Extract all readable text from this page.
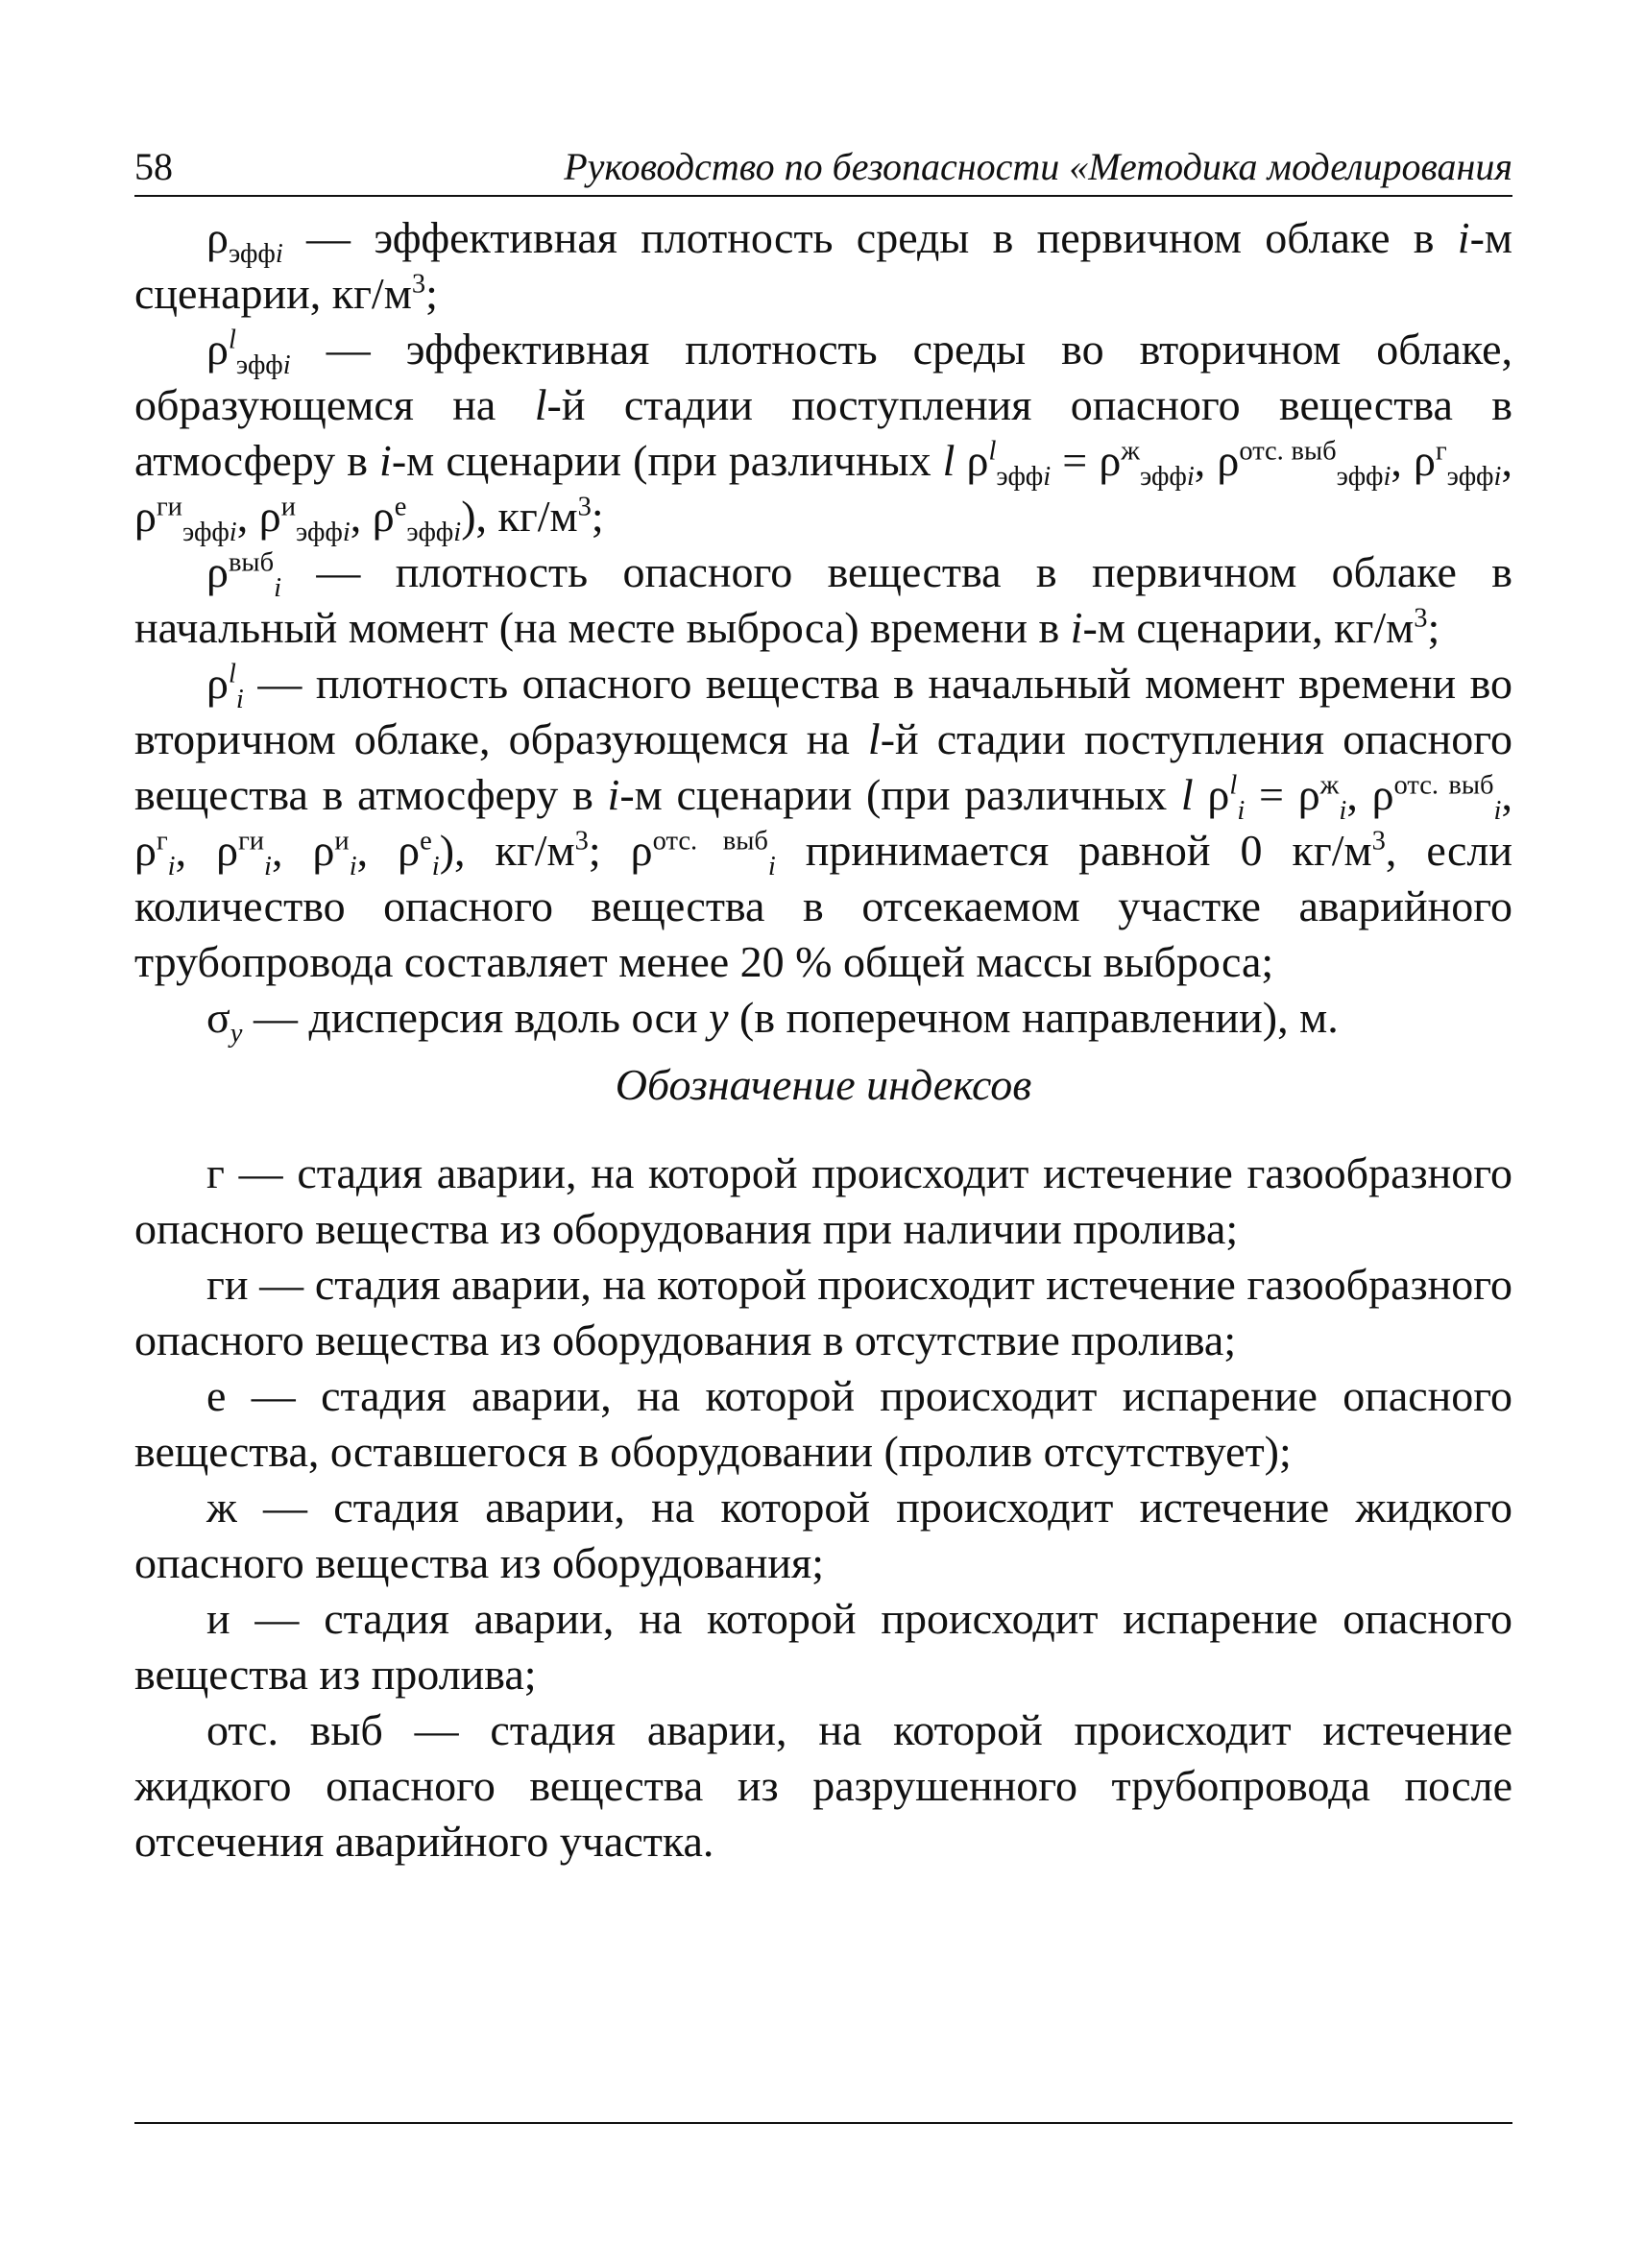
58	Руководство по безопасности «Методика моделирования

$\rho_{эффi}$ — эффективная плотность среды в первичном облаке в i-м сценарии, $кг/м^3$;

$\rho^l_{эффi}$ — эффективная плотность среды во вторичном облаке, образующемся на l-й стадии поступления опасного вещества в атмосферу в i-м сценарии (при различных l $\rho^l_{эффi} = \rho^ж_{эффi}$, $\rho^{отс. выб}_{эффi}$, $\rho^г_{эффi}$, $\rho^{ги}_{эффi}$, $\rho^и_{эффi}$, $\rho^е_{эффi}$), $кг/м^3$;

$\rho^{выб}_i$ — плотность опасного вещества в первичном облаке в начальный момент (на месте выброса) времени в i-м сценарии, $кг/м^3$;

$\rho^l_i$ — плотность опасного вещества в начальный момент времени во вторичном облаке, образующемся на l-й стадии поступления опасного вещества в атмосферу в i-м сценарии (при различных l $\rho^l_i = \rho^ж_i$, $\rho^{отс. выб}_i$, $\rho^г_i$, $\rho^{ги}_i$, $\rho^и_i$, $\rho^е_i$), $кг/м^3$; $\rho^{отс. выб}_i$ принимается равной 0 $кг/м^3$, если количество опасного вещества в отсекаемом участке аварийного трубопровода составляет менее 20 % общей массы выброса;

$\sigma_y$ — дисперсия вдоль оси y (в поперечном направлении), м.

Обозначение индексов

г — стадия аварии, на которой происходит истечение газообразного опасного вещества из оборудования при наличии пролива;

ги — стадия аварии, на которой происходит истечение газообразного опасного вещества из оборудования в отсутствие пролива;

е — стадия аварии, на которой происходит испарение опасного вещества, оставшегося в оборудовании (пролив отсутствует);

ж — стадия аварии, на которой происходит истечение жидкого опасного вещества из оборудования;

и — стадия аварии, на которой происходит испарение опасного вещества из пролива;

отс. выб — стадия аварии, на которой происходит истечение жидкого опасного вещества из разрушенного трубопровода после отсечения аварийного участка.
